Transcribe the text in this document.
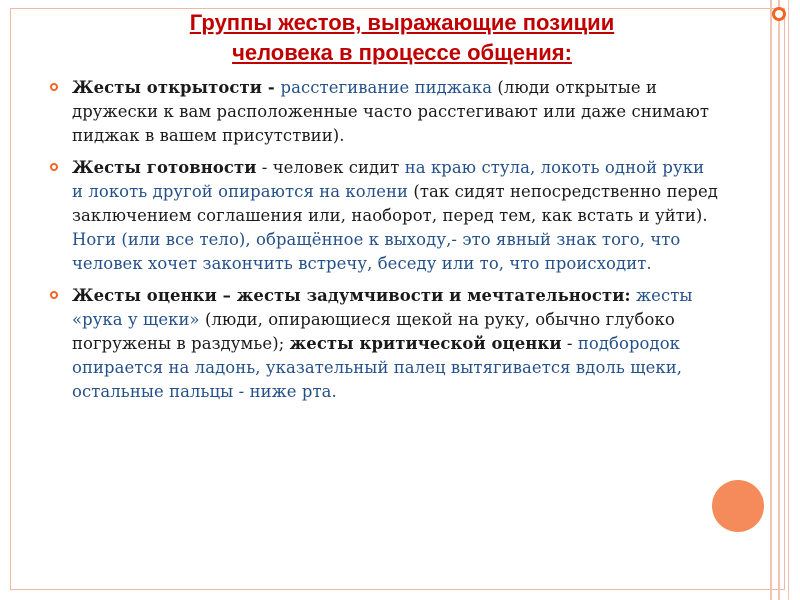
Группы жестов, выражающие позиции
человека в процессе общения:
Жесты открытости - расстегивание пиджака (люди открытые и дружески к вам расположенные часто расстегивают или даже снимают пиджак в вашем присутствии).
Жесты готовности - человек сидит на краю стула, локоть одной руки и локоть другой опираются на колени (так сидят непосредственно перед заключением соглашения или, наоборот, перед тем, как встать и уйти). Ноги (или все тело), обращённое к выходу,- это явный знак того, что человек хочет закончить встречу, беседу или то, что происходит.
Жесты оценки – жесты задумчивости и мечтательности: жесты «рука у щеки» (люди, опирающиеся щекой на руку, обычно глубоко погружены в раздумье); жесты критической оценки - подбородок опирается на ладонь, указательный палец вытягивается вдоль щеки, остальные пальцы - ниже рта.
